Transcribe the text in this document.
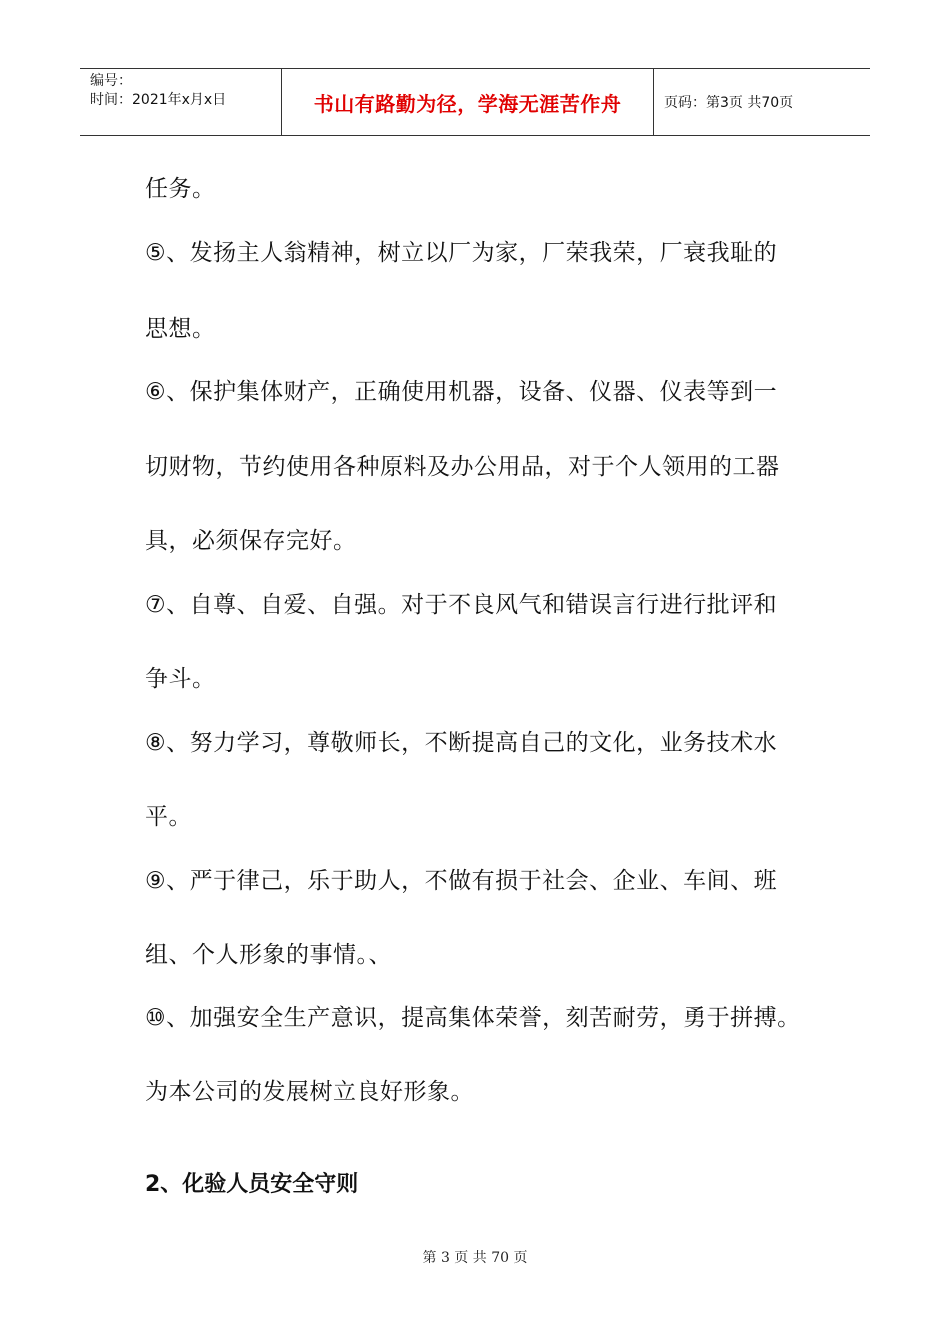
编号：
时间：2021年x月x日	书山有路勤为径，学海无涯苦作舟	页码：第3页 共70页
任务。
⑤、发扬主人翁精神，树立以厂为家，厂荣我荣，厂衰我耻的
思想。
⑥、保护集体财产，正确使用机器，设备、仪器、仪表等到一
切财物，节约使用各种原料及办公用品，对于个人领用的工器
具，必须保存完好。
⑦、自尊、自爱、自强。对于不良风气和错误言行进行批评和
争斗。
⑧、努力学习，尊敬师长，不断提高自己的文化，业务技术水
平。
⑨、严于律己，乐于助人，不做有损于社会、企业、车间、班
组、个人形象的事情。、
⑩、加强安全生产意识，提高集体荣誉，刻苦耐劳，勇于拼搏。
为本公司的发展树立良好形象。
2、化验人员安全守则
第 3 页 共 70 页
